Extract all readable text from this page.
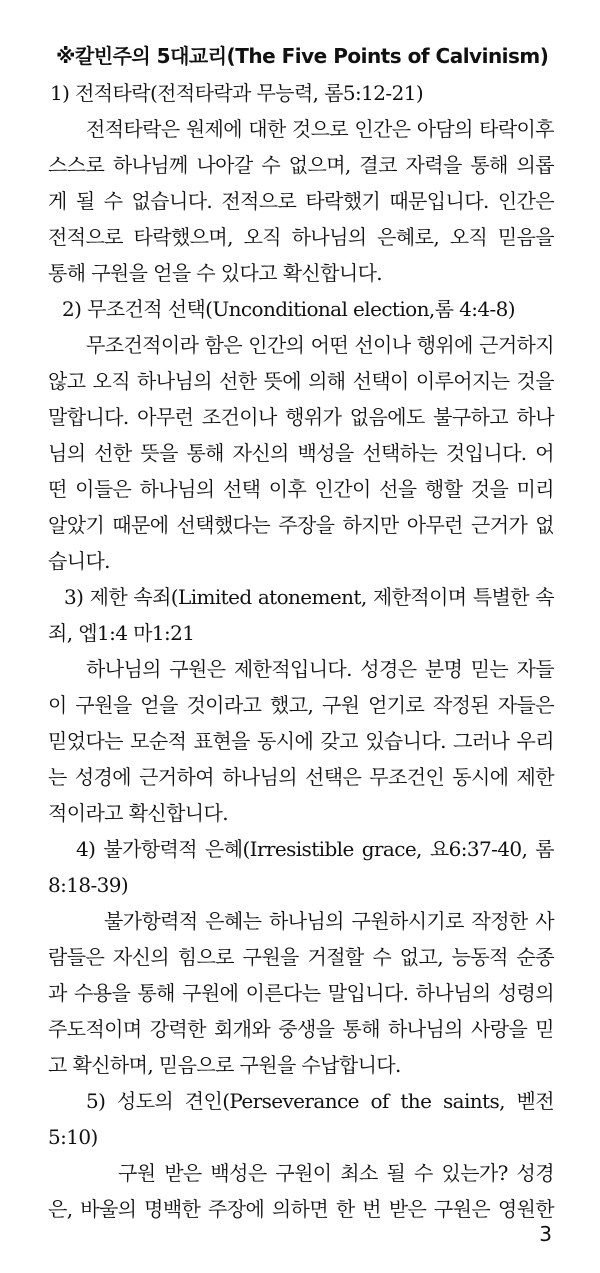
※칼빈주의 5대교리(The Five Points of Calvinism)
1) 전적타락(전적타락과 무능력, 롬5:12-21)
전적타락은 원제에 대한 것으로 인간은 아담의 타락이후
스스로 하나님께 나아갈 수 없으며, 결코 자력을 통해 의롭
게 될 수 없습니다. 전적으로 타락했기 때문입니다. 인간은
전적으로 타락했으며, 오직 하나님의 은혜로, 오직 믿음을
통해 구원을 얻을 수 있다고 확신합니다.
2) 무조건적 선택(Unconditional election,롬 4:4-8)
무조건적이라 함은 인간의 어떤 선이나 행위에 근거하지
않고 오직 하나님의 선한 뜻에 의해 선택이 이루어지는 것을
말합니다. 아무런 조건이나 행위가 없음에도 불구하고 하나
님의 선한 뜻을 통해 자신의 백성을 선택하는 것입니다. 어
떤 이들은 하나님의 선택 이후 인간이 선을 행할 것을 미리
알았기 때문에 선택했다는 주장을 하지만 아무런 근거가 없
습니다.
3) 제한 속죄(Limited atonement, 제한적이며 특별한 속
죄, 엡1:4 마1:21
하나님의 구원은 제한적입니다. 성경은 분명 믿는 자들
이 구원을 얻을 것이라고 했고, 구원 얻기로 작정된 자들은
믿었다는 모순적 표현을 동시에 갖고 있습니다. 그러나 우리
는 성경에 근거하여 하나님의 선택은 무조건인 동시에 제한
적이라고 확신합니다.
4) 불가항력적 은혜(Irresistible grace, 요6:37-40, 롬
8:18-39)
불가항력적 은혜는 하나님의 구원하시기로 작정한 사
람들은 자신의 힘으로 구원을 거절할 수 없고, 능동적 순종
과 수용을 통해 구원에 이른다는 말입니다. 하나님의 성령의
주도적이며 강력한 회개와 중생을 통해 하나님의 사랑을 믿
고 확신하며, 믿음으로 구원을 수납합니다.
5) 성도의 견인(Perseverance of the saints, 벧전
5:10)
구원 받은 백성은 구원이 최소 될 수 있는가? 성경
은, 바울의 명백한 주장에 의하면 한 번 받은 구원은 영원한
3
